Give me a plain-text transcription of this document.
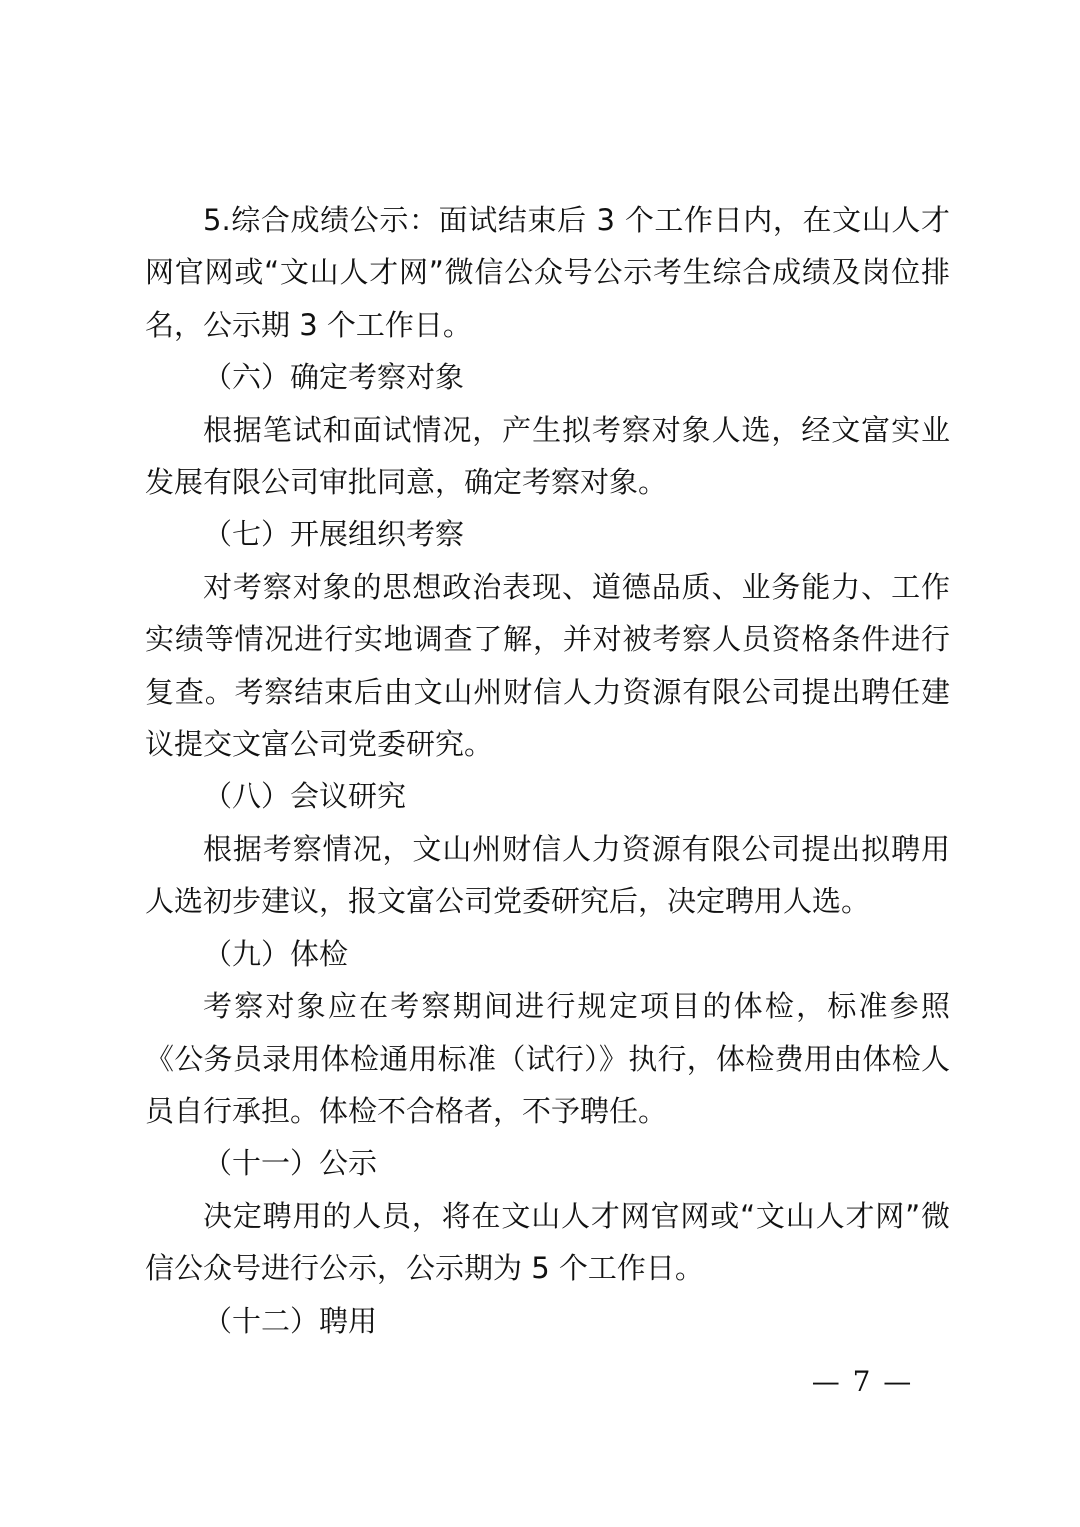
5.综合成绩公示：面试结束后 3 个工作日内，在文山人才网官网或“文山人才网”微信公众号公示考生综合成绩及岗位排名，公示期 3 个工作日。

（六）确定考察对象

根据笔试和面试情况，产生拟考察对象人选，经文富实业发展有限公司审批同意，确定考察对象。

（七）开展组织考察

对考察对象的思想政治表现、道德品质、业务能力、工作实绩等情况进行实地调查了解，并对被考察人员资格条件进行复查。考察结束后由文山州财信人力资源有限公司提出聘任建议提交文富公司党委研究。

（八）会议研究

根据考察情况，文山州财信人力资源有限公司提出拟聘用人选初步建议，报文富公司党委研究后，决定聘用人选。

（九）体检

考察对象应在考察期间进行规定项目的体检，标准参照《公务员录用体检通用标准（试行）》执行，体检费用由体检人员自行承担。体检不合格者，不予聘任。

（十一）公示

决定聘用的人员，将在文山人才网官网或“文山人才网”微信公众号进行公示，公示期为 5 个工作日。

（十二）聘用

— 7 —
